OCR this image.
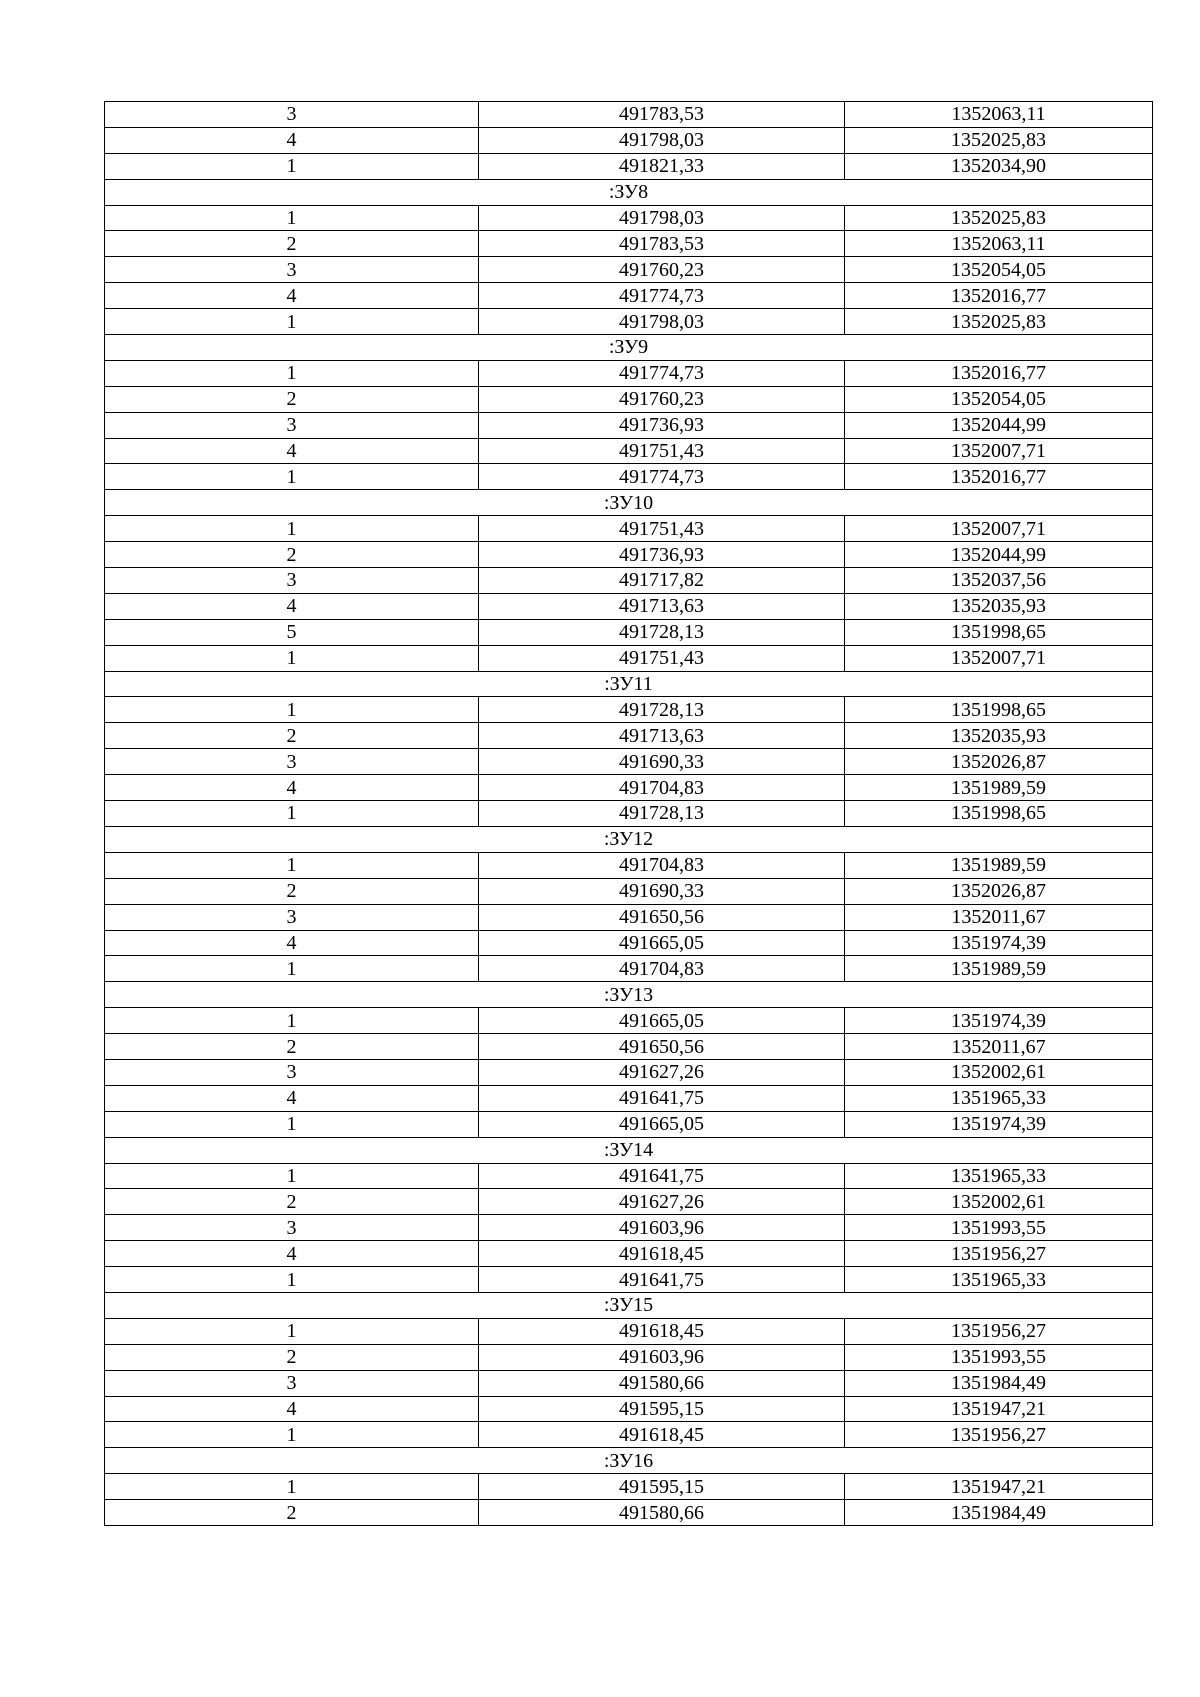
3	491783,53	1352063,11
4	491798,03	1352025,83
1	491821,33	1352034,90
:ЗУ8		
1	491798,03	1352025,83
2	491783,53	1352063,11
3	491760,23	1352054,05
4	491774,73	1352016,77
1	491798,03	1352025,83
:ЗУ9		
1	491774,73	1352016,77
2	491760,23	1352054,05
3	491736,93	1352044,99
4	491751,43	1352007,71
1	491774,73	1352016,77
:ЗУ10		
1	491751,43	1352007,71
2	491736,93	1352044,99
3	491717,82	1352037,56
4	491713,63	1352035,93
5	491728,13	1351998,65
1	491751,43	1352007,71
:ЗУ11		
1	491728,13	1351998,65
2	491713,63	1352035,93
3	491690,33	1352026,87
4	491704,83	1351989,59
1	491728,13	1351998,65
:ЗУ12		
1	491704,83	1351989,59
2	491690,33	1352026,87
3	491650,56	1352011,67
4	491665,05	1351974,39
1	491704,83	1351989,59
:ЗУ13		
1	491665,05	1351974,39
2	491650,56	1352011,67
3	491627,26	1352002,61
4	491641,75	1351965,33
1	491665,05	1351974,39
:ЗУ14		
1	491641,75	1351965,33
2	491627,26	1352002,61
3	491603,96	1351993,55
4	491618,45	1351956,27
1	491641,75	1351965,33
:ЗУ15		
1	491618,45	1351956,27
2	491603,96	1351993,55
3	491580,66	1351984,49
4	491595,15	1351947,21
1	491618,45	1351956,27
:ЗУ16		
1	491595,15	1351947,21
2	491580,66	1351984,49
